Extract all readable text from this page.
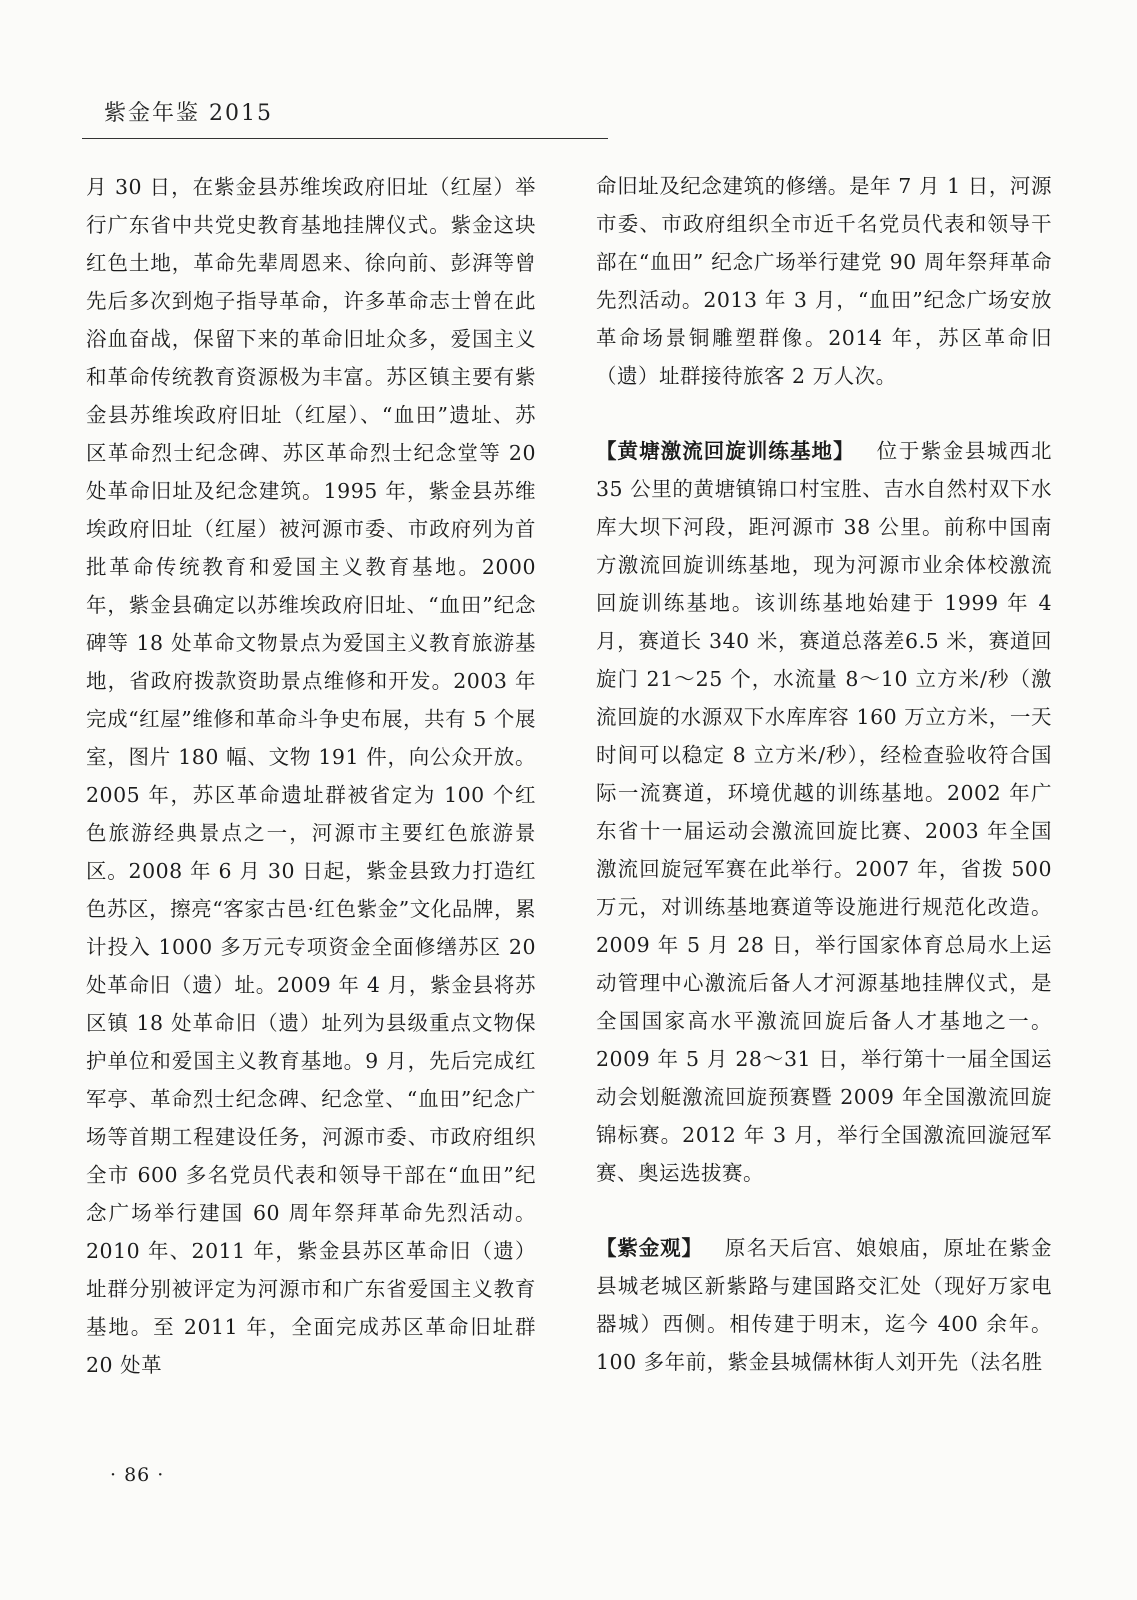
紫金年鉴 2015

月 30 日，在紫金县苏维埃政府旧址（红屋）举行广东省中共党史教育基地挂牌仪式。紫金这块红色土地，革命先辈周恩来、徐向前、彭湃等曾先后多次到炮子指导革命，许多革命志士曾在此浴血奋战，保留下来的革命旧址众多，爱国主义和革命传统教育资源极为丰富。苏区镇主要有紫金县苏维埃政府旧址（红屋）、“血田”遗址、苏区革命烈士纪念碑、苏区革命烈士纪念堂等 20 处革命旧址及纪念建筑。1995 年，紫金县苏维埃政府旧址（红屋）被河源市委、市政府列为首批革命传统教育和爱国主义教育基地。2000 年，紫金县确定以苏维埃政府旧址、“血田”纪念碑等 18 处革命文物景点为爱国主义教育旅游基地，省政府拨款资助景点维修和开发。2003 年完成“红屋”维修和革命斗争史布展，共有 5 个展室，图片 180 幅、文物 191 件，向公众开放。2005 年，苏区革命遗址群被省定为 100 个红色旅游经典景点之一，河源市主要红色旅游景区。2008 年 6 月 30 日起，紫金县致力打造红色苏区，擦亮“客家古邑·红色紫金”文化品牌，累计投入 1000 多万元专项资金全面修缮苏区 20 处革命旧（遗）址。2009 年 4 月，紫金县将苏区镇 18 处革命旧（遗）址列为县级重点文物保护单位和爱国主义教育基地。9 月，先后完成红军亭、革命烈士纪念碑、纪念堂、“血田”纪念广场等首期工程建设任务，河源市委、市政府组织全市 600 多名党员代表和领导干部在“血田”纪念广场举行建国 60 周年祭拜革命先烈活动。2010 年、2011 年，紫金县苏区革命旧（遗）址群分别被评定为河源市和广东省爱国主义教育基地。至 2011 年，全面完成苏区革命旧址群 20 处革

命旧址及纪念建筑的修缮。是年 7 月 1 日，河源市委、市政府组织全市近千名党员代表和领导干部在“血田” 纪念广场举行建党 90 周年祭拜革命先烈活动。2013 年 3 月，“血田”纪念广场安放革命场景铜雕塑群像。2014 年，苏区革命旧（遗）址群接待旅客 2 万人次。

【黄塘激流回旋训练基地】 位于紫金县城西北 35 公里的黄塘镇锦口村宝胜、吉水自然村双下水库大坝下河段，距河源市 38 公里。前称中国南方激流回旋训练基地，现为河源市业余体校激流回旋训练基地。该训练基地始建于 1999 年 4 月，赛道长 340 米，赛道总落差6.5 米，赛道回旋门 21～25 个，水流量 8～10 立方米/秒（激流回旋的水源双下水库库容 160 万立方米，一天时间可以稳定 8 立方米/秒），经检查验收符合国际一流赛道，环境优越的训练基地。2002 年广东省十一届运动会激流回旋比赛、2003 年全国激流回旋冠军赛在此举行。2007 年，省拨 500 万元，对训练基地赛道等设施进行规范化改造。2009 年 5 月 28 日，举行国家体育总局水上运动管理中心激流后备人才河源基地挂牌仪式，是全国国家高水平激流回旋后备人才基地之一。2009 年 5 月 28～31 日，举行第十一届全国运动会划艇激流回旋预赛暨 2009 年全国激流回旋锦标赛。2012 年 3 月，举行全国激流回漩冠军赛、奥运选拔赛。

【紫金观】 原名天后宫、娘娘庙，原址在紫金县城老城区新紫路与建国路交汇处（现好万家电器城）西侧。相传建于明末，迄今 400 余年。100 多年前，紫金县城儒林街人刘开先（法名胜

· 86 ·
